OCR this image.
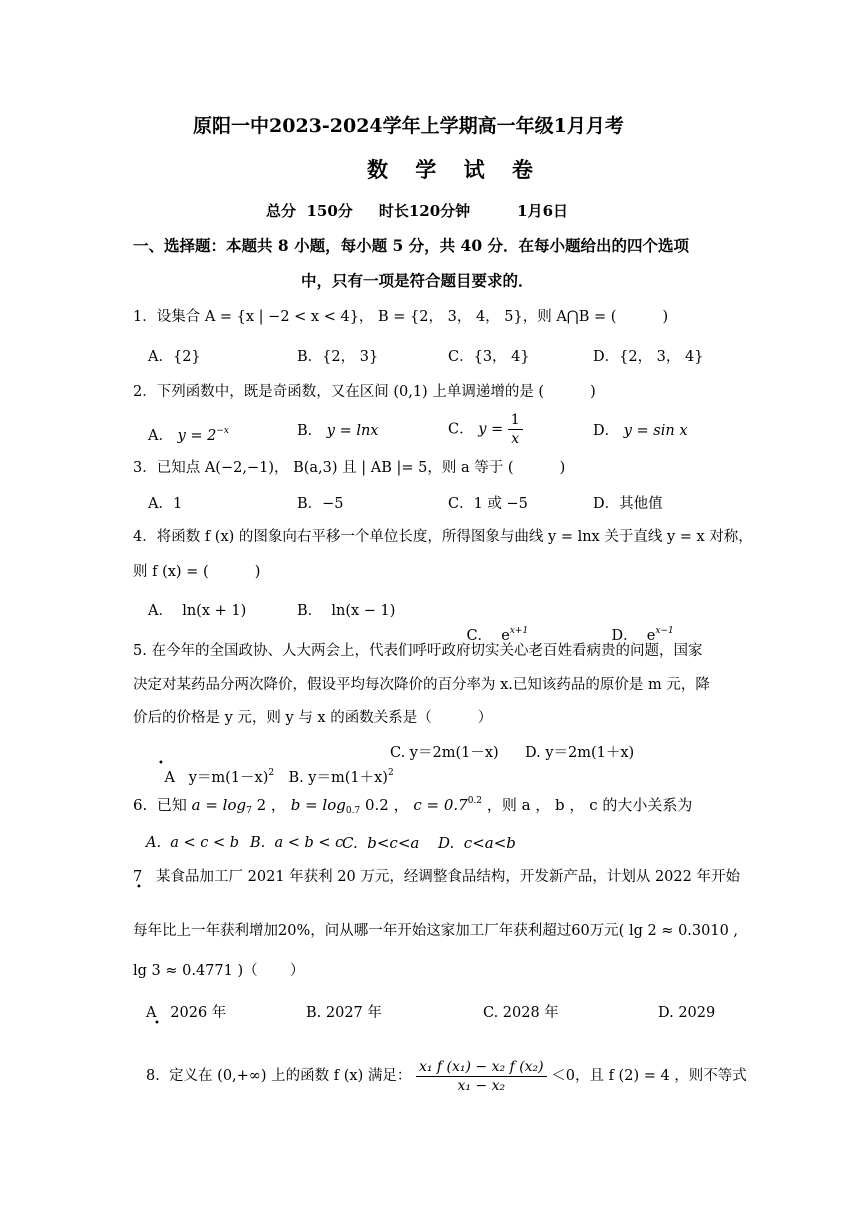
原阳一中2023-2024学年上学期高一年级1月月考
数 学 试 卷
总分  150分     时长120分钟         1月6日
一、选择题：本题共 8 小题，每小题 5 分，共 40 分．在每小题给出的四个选项
中，只有一项是符合题目要求的．
1．设集合 A = {x | −2 < x < 4}， B = {2， 3， 4， 5}，则 A⋂B = (          )
A．{2}	B．{2， 3}	C．{3， 4}	D．{2， 3， 4}
2．下列函数中，既是奇函数，又在区间 (0,1) 上单调递增的是 (          )
A． $y = 2^{-x}$	B． y = lnx	C． $y = \frac{1}{x}$	D． y = sin x
3．已知点 A(−2,−1)， B(a,3) 且 | AB |= 5，则 a 等于 (          )
A．1	B．−5	C．1 或 −5	D．其他值
4．将函数 f (x) 的图象向右平移一个单位长度，所得图象与曲线 y = lnx 关于直线 y = x 对称，
则 f (x) = (          )
A．  ln(x + 1)	B．  ln(x − 1)

C．  $e^{x+1}$
	D．  $e^{x-1}$

5. 在今年的全国政协、人大两会上，代表们呼吁政府切实关心老百姓看病贵的问题，国家
决定对某药品分两次降价，假设平均每次降价的百分率为 x.已知该药品的原价是 m 元，降
价后的价格是 y 元，则 y 与 x 的函数关系是（          ）

A   $y=m(1-x)^2$

•

B. $y=m(1+x)^2$

C. y＝2m(1－x) D. y＝2m(1＋x)
6.  已知 $a = \log_7 2$ ， $b = \log_{0.7} 0.2$ ， $c = 0.7^{0.2}$ ，则 a ， b ， c 的大小关系为
A.  a < c < b B.  a < b < c
C.  b<c<a D.  c<a<b
7   某食品加工厂 2021 年获利 20 万元，经调整食品结构，开发新产品，计划从 2022 年开始
•
每年比上一年获利增加20%，问从哪一年开始这家加工厂年获利超过60万元( lg 2 ≈ 0.3010 ,
lg 3 ≈ 0.4771 )（       ）
A   2026 年
•
B. 2027 年	C. 2028 年	D. 2029
8.  定义在 (0,+∞) 上的函数 f (x) 满足： $\frac{\text{x₁ f (x₁) − x₂ f (x₂)}}{\text{x₁ − x₂}} <0$，且 f (2) = 4 ，则不等式
